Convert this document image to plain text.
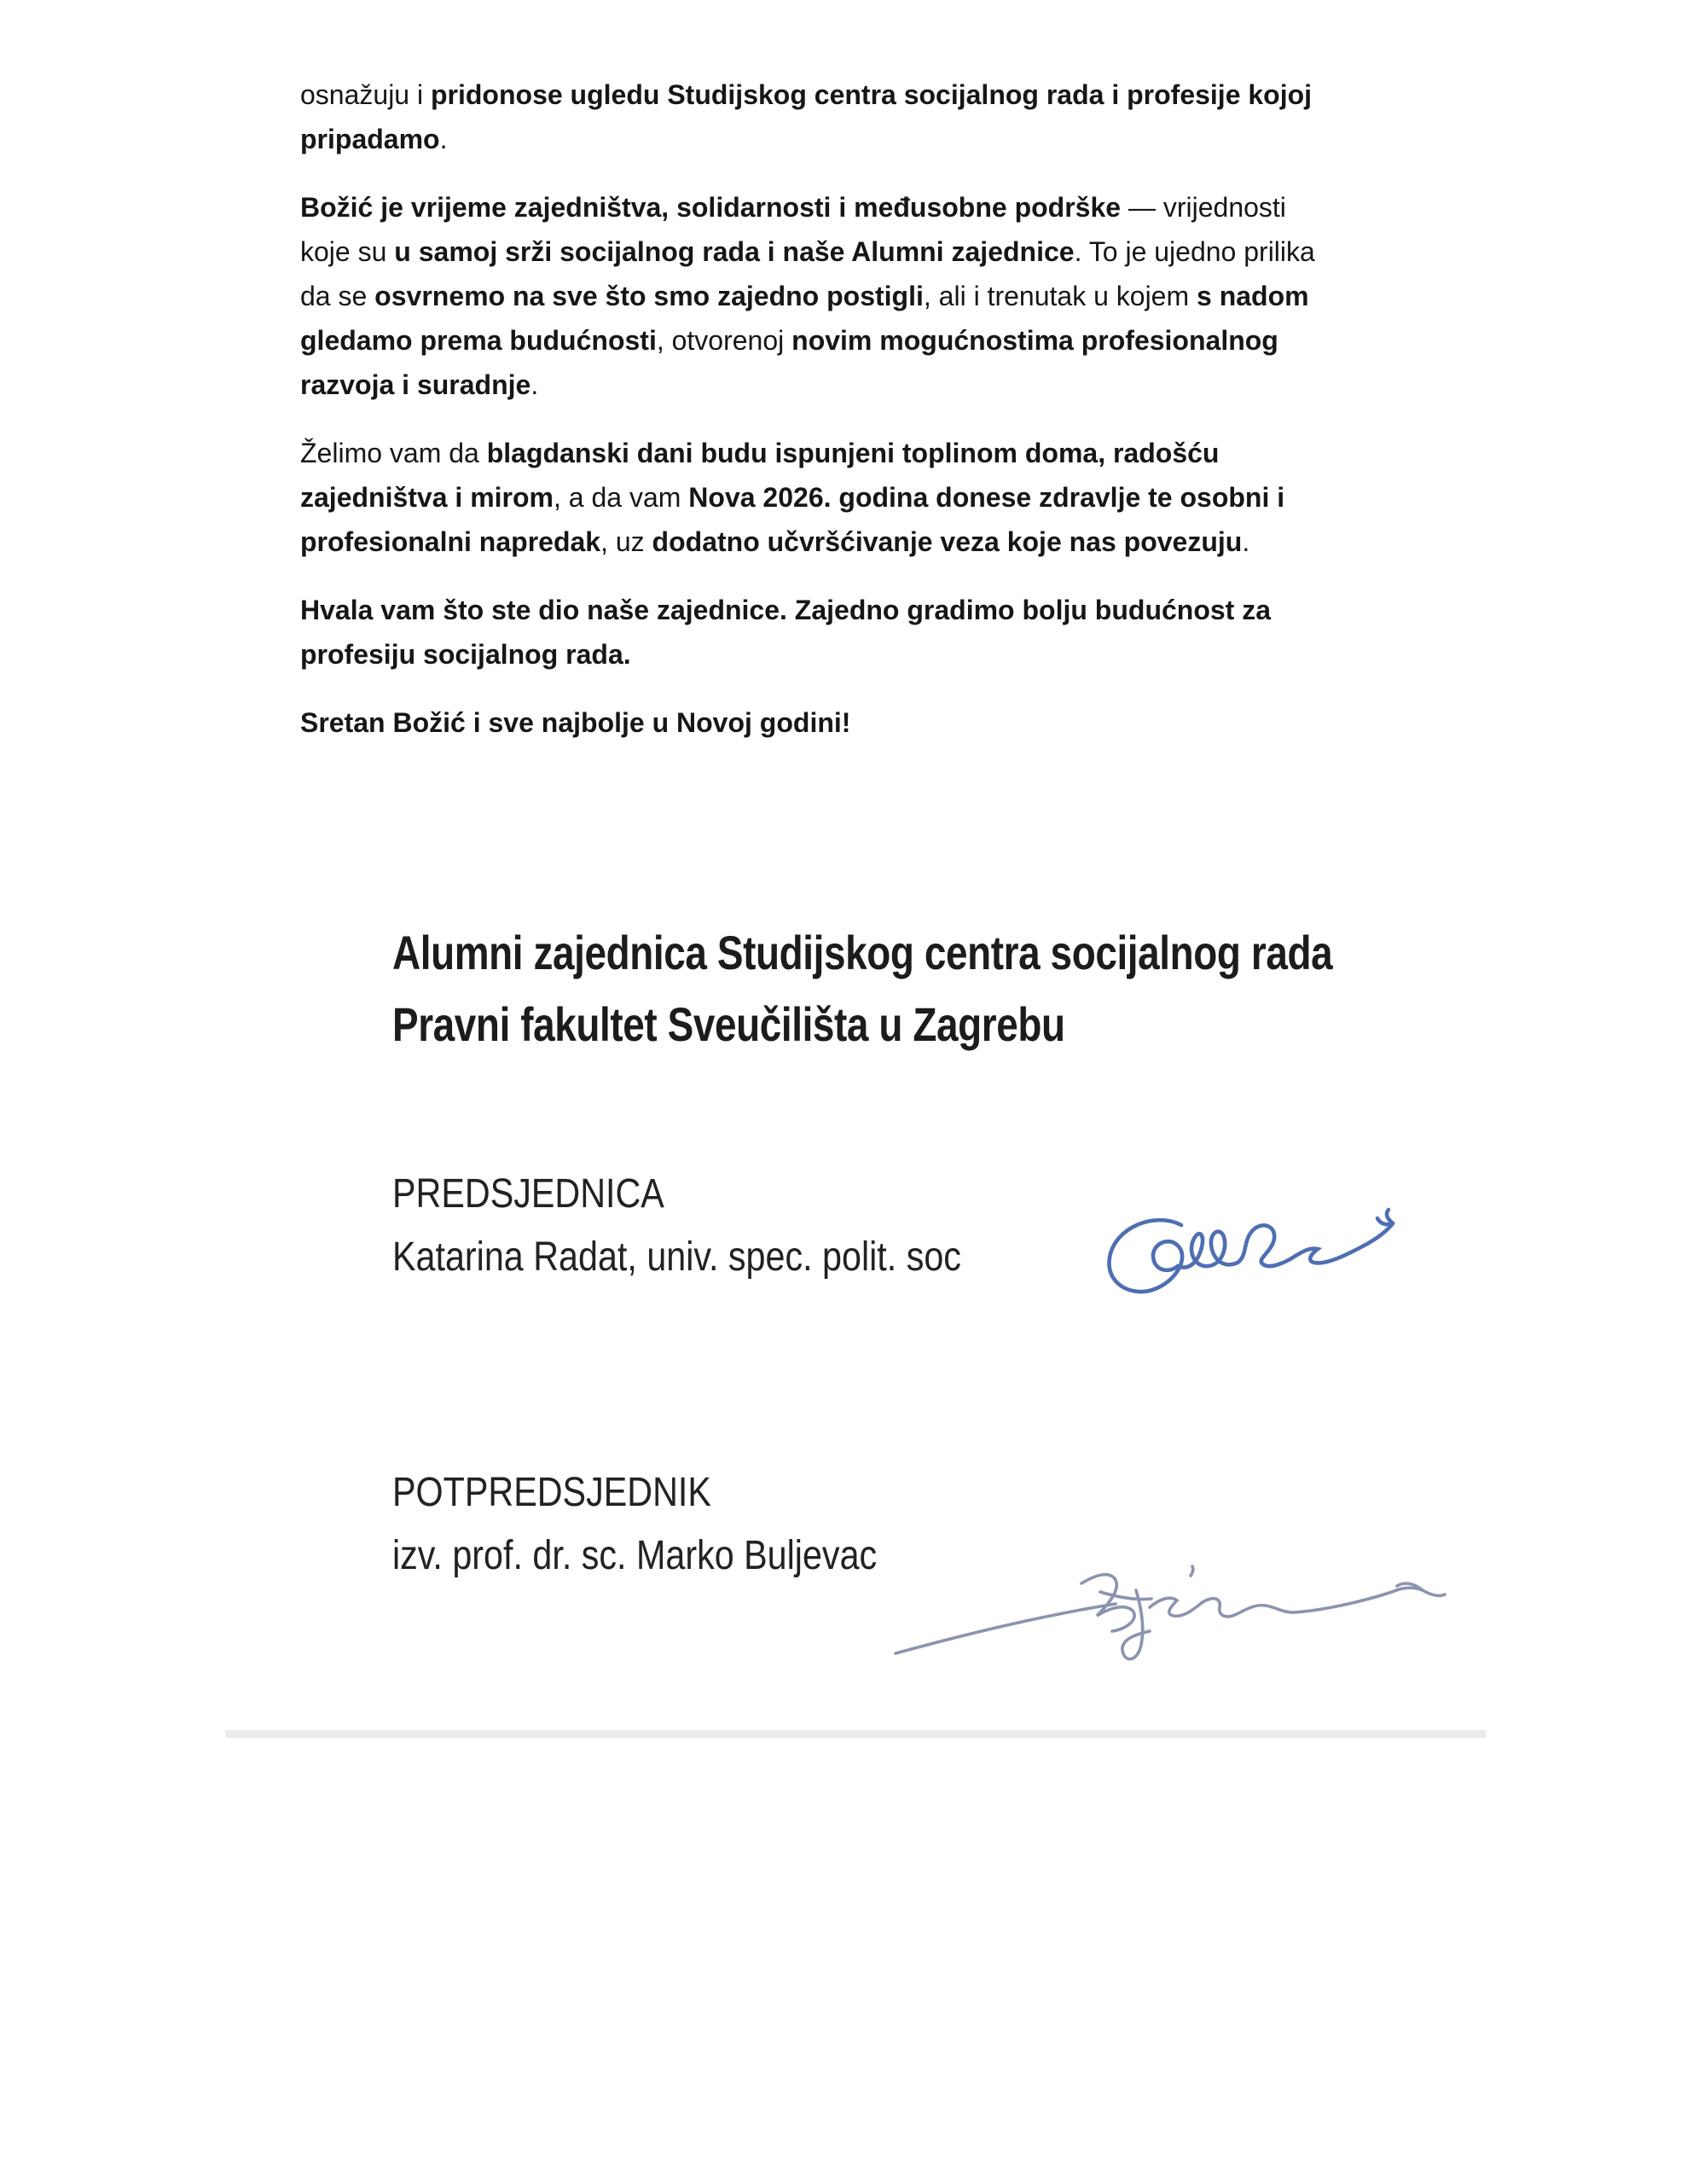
osnažuju i pridonose ugledu Studijskog centra socijalnog rada i profesije kojoj
pripadamo.
Božić je vrijeme zajedništva, solidarnosti i međusobne podrške — vrijednosti
koje su u samoj srži socijalnog rada i naše Alumni zajednice. To je ujedno prilika
da se osvrnemo na sve što smo zajedno postigli, ali i trenutak u kojem s nadom
gledamo prema budućnosti, otvorenoj novim mogućnostima profesionalnog
razvoja i suradnje.
Želimo vam da blagdanski dani budu ispunjeni toplinom doma, radošću
zajedništva i mirom, a da vam Nova 2026. godina donese zdravlje te osobni i
profesionalni napredak, uz dodatno učvršćivanje veza koje nas povezuju.
Hvala vam što ste dio naše zajednice. Zajedno gradimo bolju budućnost za
profesiju socijalnog rada.
Sretan Božić i sve najbolje u Novoj godini!
Alumni zajednica Studijskog centra socijalnog rada
Pravni fakultet Sveučilišta u Zagrebu
PREDSJEDNICA
Katarina Radat, univ. spec. polit. soc
POTPREDSJEDNIK
izv. prof. dr. sc. Marko Buljevac
